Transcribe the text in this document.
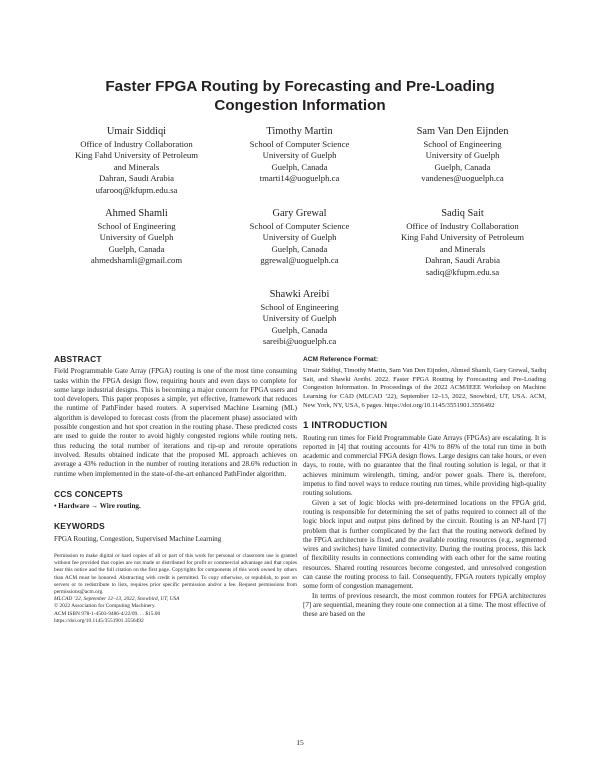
Faster FPGA Routing by Forecasting and Pre-Loading
Congestion Information
Umair Siddiqi
Office of Industry Collaboration
King Fahd University of Petroleum
and Minerals
Dahran, Saudi Arabia
ufarooq@kfupm.edu.sa
Timothy Martin
School of Computer Science
University of Guelph
Guelph, Canada
tmarti14@uoguelph.ca
Sam Van Den Eijnden
School of Engineering
University of Guelph
Guelph, Canada
vandenes@uoguelph.ca
Ahmed Shamli
School of Engineering
University of Guelph
Guelph, Canada
ahmedshamli@gmail.com
Gary Grewal
School of Computer Science
University of Guelph
Guelph, Canada
ggrewal@uoguelph.ca
Sadiq Sait
Office of Industry Collaboration
King Fahd University of Petroleum
and Minerals
Dahran, Saudi Arabia
sadiq@kfupm.edu.sa
Shawki Areibi
School of Engineering
University of Guelph
Guelph, Canada
sareibi@uoguelph.ca
ABSTRACT

Field Programmable Gate Array (FPGA) routing is one of the most time consuming tasks within the FPGA design flow, requiring hours and even days to complete for some large industrial designs. This is becoming a major concern for FPGA users and tool developers. This paper proposes a simple, yet effective, framework that reduces the runtime of PathFinder based routers. A supervised Machine Learning (ML) algorithm is developed to forecast costs (from the placement phase) associated with possible congestion and hot spot creation in the routing phase. These predicted costs are used to guide the router to avoid highly congested regions while routing nets, thus reducing the total number of iterations and rip-up and reroute operations involved. Results obtained indicate that the proposed ML approach achieves on average a 43% reduction in the number of routing iterations and 28.6% reduction in runtime when implemented in the state-of-the-art enhanced PathFinder algorithm.

CCS CONCEPTS

• Hardware → Wire routing.

KEYWORDS

FPGA Routing, Congestion, Supervised Machine Learning

Permission to make digital or hard copies of all or part of this work for personal or classroom use is granted without fee provided that copies are not made or distributed for profit or commercial advantage and that copies bear this notice and the full citation on the first page. Copyrights for components of this work owned by others than ACM must be honored. Abstracting with credit is permitted. To copy otherwise, or republish, to post on servers or to redistribute to lists, requires prior specific permission and/or a fee. Request permissions from permissions@acm.org.

MLCAD ’22, September 12–13, 2022, Snowbird, UT, USA

© 2022 Association for Computing Machinery.

ACM ISBN 978-1-4503-9486-4/22/09. . . $15.00

https://doi.org/10.1145/3551901.3556492

ACM Reference Format:

Umair Siddiqi, Timothy Martin, Sam Van Den Eijnden, Ahmed Shamli, Gary Grewal, Sadiq Sait, and Shawki Areibi. 2022. Faster FPGA Routing by Forecasting and Pre-Loading Congestion Information. In Proceedings of the 2022 ACM/IEEE Workshop on Machine Learning for CAD (MLCAD ’22), September 12–13, 2022, Snowbird, UT, USA. ACM, New York, NY, USA, 6 pages. https://doi.org/10.1145/3551901.3556492

1 INTRODUCTION

Routing run times for Field Programmable Gate Arrays (FPGAs) are escalating. It is reported in [4] that routing accounts for 41% to 86% of the total run time in both academic and commercial FPGA design flows. Large designs can take hours, or even days, to route, with no guarantee that the final routing solution is legal, or that it achieves minimum wirelength, timing, and/or power goals. There is, therefore, impetus to find novel ways to reduce routing run times, while providing high-quality routing solutions.

Given a set of logic blocks with pre-determined locations on the FPGA grid, routing is responsible for determining the set of paths required to connect all of the logic block input and output pins defined by the circuit. Routing is an NP-hard [7] problem that is further complicated by the fact that the routing network defined by the FPGA architecture is fixed, and the available routing resources (e.g., segmented wires and switches) have limited connectivity. During the routing process, this lack of flexibility results in connections contending with each other for the same routing resources. Shared routing resources become congested, and unresolved congestion can cause the routing process to fail. Consequently, FPGA routers typically employ some form of congestion management.

In terms of previous research, the most common routers for FPGA architectures [7] are sequential, meaning they route one connection at a time. The most effective of these are based on the

15
